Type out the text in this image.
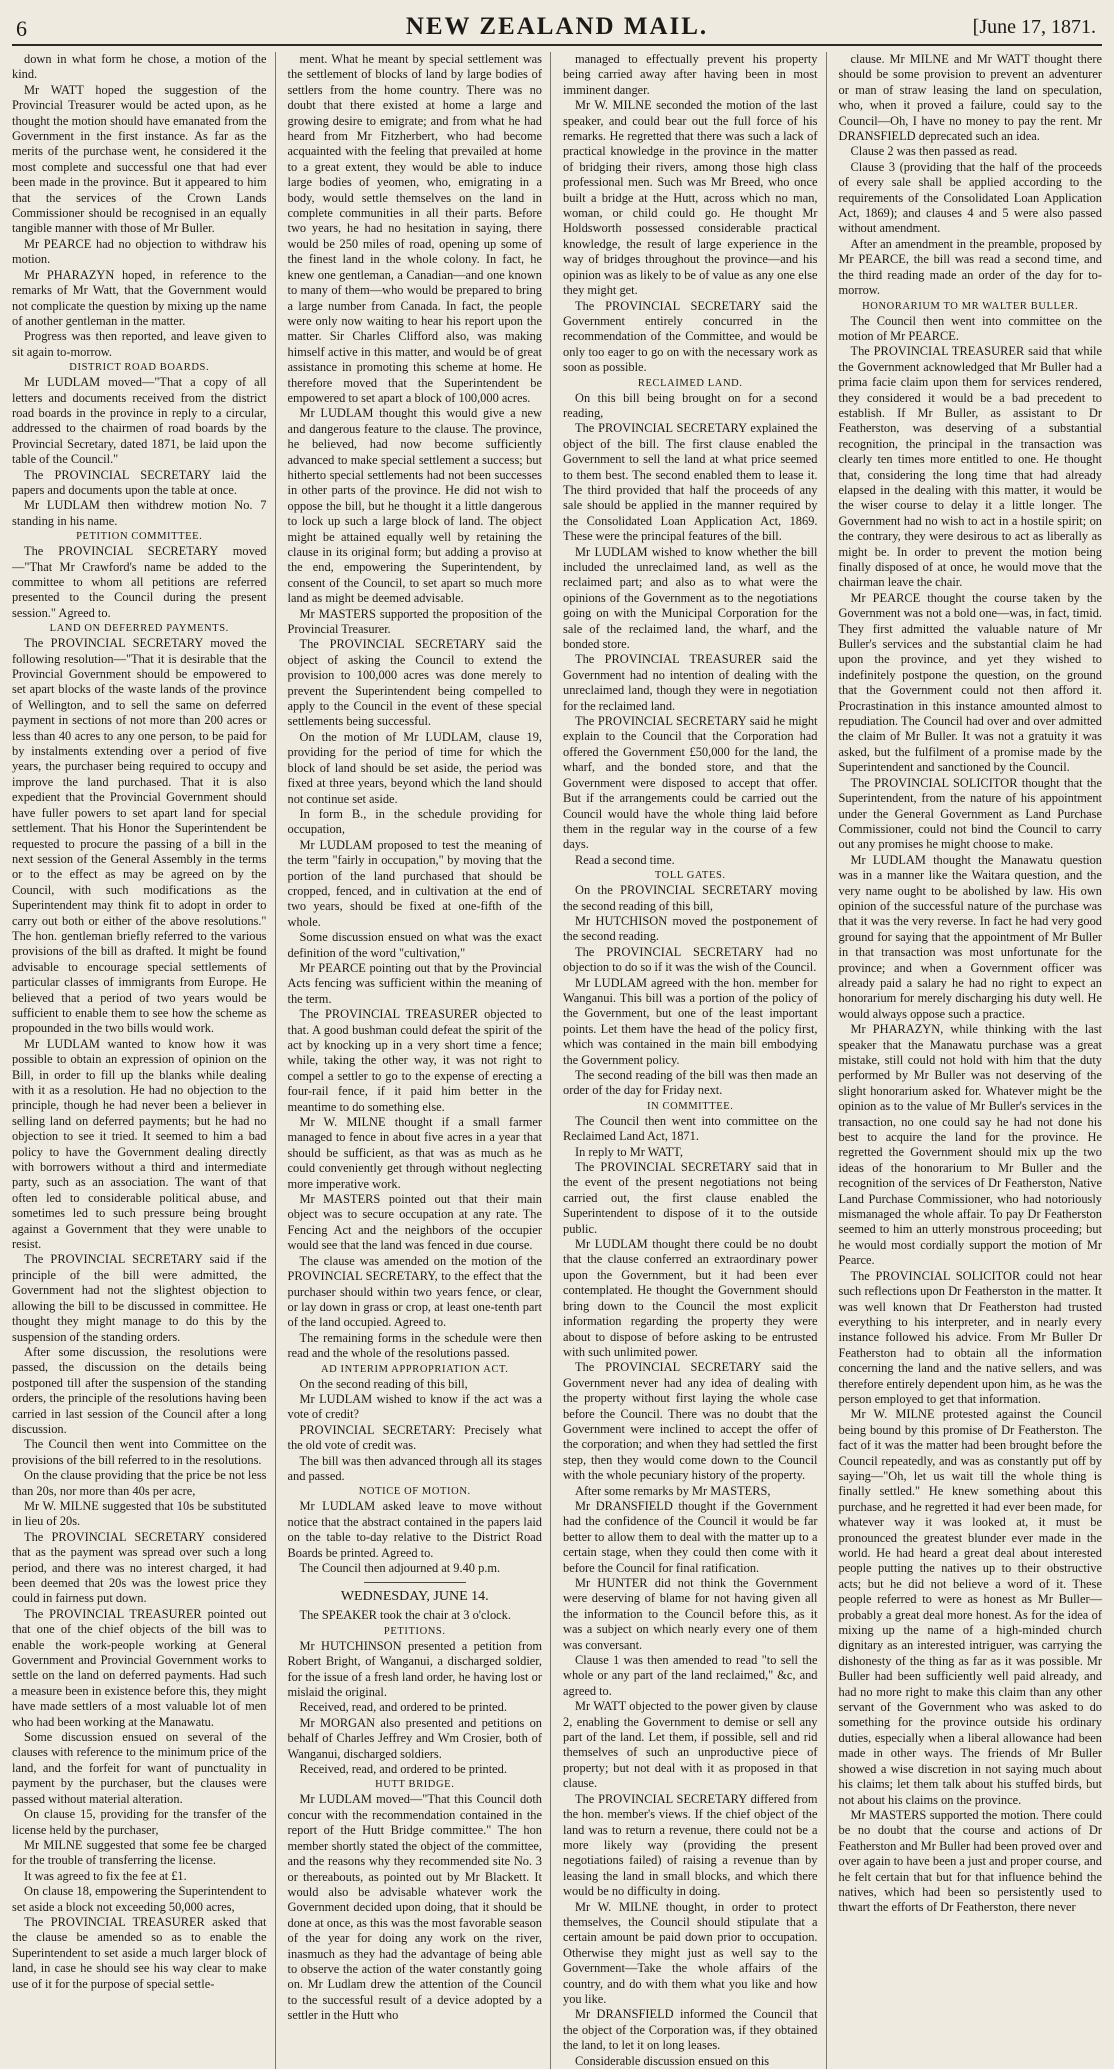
6	NEW ZEALAND MAIL.	[June 17, 1871.

down in what form he chose, a motion of the kind.

Mr WATT hoped the suggestion of the Provincial Treasurer would be acted upon, as he thought the motion should have emanated from the Government in the first instance. As far as the merits of the purchase went, he considered it the most complete and successful one that had ever been made in the province. But it appeared to him that the services of the Crown Lands Commissioner should be recognised in an equally tangible manner with those of Mr Buller.

Mr PEARCE had no objection to withdraw his motion.

Mr PHARAZYN hoped, in reference to the remarks of Mr Watt, that the Government would not complicate the question by mixing up the name of another gentleman in the matter.

Progress was then reported, and leave given to sit again to-morrow.

DISTRICT ROAD BOARDS.

Mr LUDLAM moved—"That a copy of all letters and documents received from the district road boards in the province in reply to a circular, addressed to the chairmen of road boards by the Provincial Secretary, dated 1871, be laid upon the table of the Council."

The PROVINCIAL SECRETARY laid the papers and documents upon the table at once.

Mr LUDLAM then withdrew motion No. 7 standing in his name.

PETITION COMMITTEE.

The PROVINCIAL SECRETARY moved —"That Mr Crawford's name be added to the committee to whom all petitions are referred presented to the Council during the present session." Agreed to.

LAND ON DEFERRED PAYMENTS.

The PROVINCIAL SECRETARY moved the following resolution—"That it is desirable that the Provincial Government should be empowered to set apart blocks of the waste lands of the province of Wellington, and to sell the same on deferred payment in sections of not more than 200 acres or less than 40 acres to any one person, to be paid for by instalments extending over a period of five years, the purchaser being required to occupy and improve the land purchased. That it is also expedient that the Provincial Government should have fuller powers to set apart land for special settlement. That his Honor the Superintendent be requested to procure the passing of a bill in the next session of the General Assembly in the terms or to the effect as may be agreed on by the Council, with such modifications as the Superintendent may think fit to adopt in order to carry out both or either of the above resolutions." The hon. gentleman briefly referred to the various provisions of the bill as drafted. It might be found advisable to encourage special settlements of particular classes of immigrants from Europe. He believed that a period of two years would be sufficient to enable them to see how the scheme as propounded in the two bills would work.

Mr LUDLAM wanted to know how it was possible to obtain an expression of opinion on the Bill, in order to fill up the blanks while dealing with it as a resolution. He had no objection to the principle, though he had never been a believer in selling land on deferred payments; but he had no objection to see it tried. It seemed to him a bad policy to have the Government dealing directly with borrowers without a third and intermediate party, such as an association. The want of that often led to considerable political abuse, and sometimes led to such pressure being brought against a Government that they were unable to resist.

The PROVINCIAL SECRETARY said if the principle of the bill were admitted, the Government had not the slightest objection to allowing the bill to be discussed in committee. He thought they might manage to do this by the suspension of the standing orders.

After some discussion, the resolutions were passed, the discussion on the details being postponed till after the suspension of the standing orders, the principle of the resolutions having been carried in last session of the Council after a long discussion.

The Council then went into Committee on the provisions of the bill referred to in the resolutions.

On the clause providing that the price be not less than 20s, nor more than 40s per acre,

Mr W. MILNE suggested that 10s be substituted in lieu of 20s.

The PROVINCIAL SECRETARY considered that as the payment was spread over such a long period, and there was no interest charged, it had been deemed that 20s was the lowest price they could in fairness put down.

The PROVINCIAL TREASURER pointed out that one of the chief objects of the bill was to enable the work-people working at General Government and Provincial Government works to settle on the land on deferred payments. Had such a measure been in existence before this, they might have made settlers of a most valuable lot of men who had been working at the Manawatu.

Some discussion ensued on several of the clauses with reference to the minimum price of the land, and the forfeit for want of punctuality in payment by the purchaser, but the clauses were passed without material alteration.

On clause 15, providing for the transfer of the license held by the purchaser,

Mr MILNE suggested that some fee be charged for the trouble of transferring the license.

It was agreed to fix the fee at £1.

On clause 18, empowering the Superintendent to set aside a block not exceeding 50,000 acres,

The PROVINCIAL TREASURER asked that the clause be amended so as to enable the Superintendent to set aside a much larger block of land, in case he should see his way clear to make use of it for the purpose of special settle-

ment. What he meant by special settlement was the settlement of blocks of land by large bodies of settlers from the home country. There was no doubt that there existed at home a large and growing desire to emigrate; and from what he had heard from Mr Fitzherbert, who had become acquainted with the feeling that prevailed at home to a great extent, they would be able to induce large bodies of yeomen, who, emigrating in a body, would settle themselves on the land in complete communities in all their parts. Before two years, he had no hesitation in saying, there would be 250 miles of road, opening up some of the finest land in the whole colony. In fact, he knew one gentleman, a Canadian—and one known to many of them—who would be prepared to bring a large number from Canada. In fact, the people were only now waiting to hear his report upon the matter. Sir Charles Clifford also, was making himself active in this matter, and would be of great assistance in promoting this scheme at home. He therefore moved that the Superintendent be empowered to set apart a block of 100,000 acres.

Mr LUDLAM thought this would give a new and dangerous feature to the clause. The province, he believed, had now become sufficiently advanced to make special settlement a success; but hitherto special settlements had not been successes in other parts of the province. He did not wish to oppose the bill, but he thought it a little dangerous to lock up such a large block of land. The object might be attained equally well by retaining the clause in its original form; but adding a proviso at the end, empowering the Superintendent, by consent of the Council, to set apart so much more land as might be deemed advisable.

Mr MASTERS supported the proposition of the Provincial Treasurer.

The PROVINCIAL SECRETARY said the object of asking the Council to extend the provision to 100,000 acres was done merely to prevent the Superintendent being compelled to apply to the Council in the event of these special settlements being successful.

On the motion of Mr LUDLAM, clause 19, providing for the period of time for which the block of land should be set aside, the period was fixed at three years, beyond which the land should not continue set aside.

In form B., in the schedule providing for occupation,

Mr LUDLAM proposed to test the meaning of the term "fairly in occupation," by moving that the portion of the land purchased that should be cropped, fenced, and in cultivation at the end of two years, should be fixed at one-fifth of the whole.

Some discussion ensued on what was the exact definition of the word "cultivation,"

Mr PEARCE pointing out that by the Provincial Acts fencing was sufficient within the meaning of the term.

The PROVINCIAL TREASURER objected to that. A good bushman could defeat the spirit of the act by knocking up in a very short time a fence; while, taking the other way, it was not right to compel a settler to go to the expense of erecting a four-rail fence, if it paid him better in the meantime to do something else.

Mr W. MILNE thought if a small farmer managed to fence in about five acres in a year that should be sufficient, as that was as much as he could conveniently get through without neglecting more imperative work.

Mr MASTERS pointed out that their main object was to secure occupation at any rate. The Fencing Act and the neighbors of the occupier would see that the land was fenced in due course.

The clause was amended on the motion of the PROVINCIAL SECRETARY, to the effect that the purchaser should within two years fence, or clear, or lay down in grass or crop, at least one-tenth part of the land occupied. Agreed to.

The remaining forms in the schedule were then read and the whole of the resolutions passed.

AD INTERIM APPROPRIATION ACT.

On the second reading of this bill,

Mr LUDLAM wished to know if the act was a vote of credit?

PROVINCIAL SECRETARY: Precisely what the old vote of credit was.

The bill was then advanced through all its stages and passed.

NOTICE OF MOTION.

Mr LUDLAM asked leave to move without notice that the abstract contained in the papers laid on the table to-day relative to the District Road Boards be printed. Agreed to.

The Council then adjourned at 9.40 p.m.

WEDNESDAY, JUNE 14.

The SPEAKER took the chair at 3 o'clock.

PETITIONS.

Mr HUTCHINSON presented a petition from Robert Bright, of Wanganui, a discharged soldier, for the issue of a fresh land order, he having lost or mislaid the original.

Received, read, and ordered to be printed.

Mr MORGAN also presented and petitions on behalf of Charles Jeffrey and Wm Crosier, both of Wanganui, discharged soldiers.

Received, read, and ordered to be printed.

HUTT BRIDGE.

Mr LUDLAM moved—"That this Council doth concur with the recommendation contained in the report of the Hutt Bridge committee." The hon member shortly stated the object of the committee, and the reasons why they recommended site No. 3 or thereabouts, as pointed out by Mr Blackett. It would also be advisable whatever work the Government decided upon doing, that it should be done at once, as this was the most favorable season of the year for doing any work on the river, inasmuch as they had the advantage of being able to observe the action of the water constantly going on. Mr Ludlam drew the attention of the Council to the successful result of a device adopted by a settler in the Hutt who

managed to effectually prevent his property being carried away after having been in most imminent danger.

Mr W. MILNE seconded the motion of the last speaker, and could bear out the full force of his remarks. He regretted that there was such a lack of practical knowledge in the province in the matter of bridging their rivers, among those high class professional men. Such was Mr Breed, who once built a bridge at the Hutt, across which no man, woman, or child could go. He thought Mr Holdsworth possessed considerable practical knowledge, the result of large experience in the way of bridges throughout the province—and his opinion was as likely to be of value as any one else they might get.

The PROVINCIAL SECRETARY said the Government entirely concurred in the recommendation of the Committee, and would be only too eager to go on with the necessary work as soon as possible.

RECLAIMED LAND.

On this bill being brought on for a second reading,

The PROVINCIAL SECRETARY explained the object of the bill. The first clause enabled the Government to sell the land at what price seemed to them best. The second enabled them to lease it. The third provided that half the proceeds of any sale should be applied in the manner required by the Consolidated Loan Application Act, 1869. These were the principal features of the bill.

Mr LUDLAM wished to know whether the bill included the unreclaimed land, as well as the reclaimed part; and also as to what were the opinions of the Government as to the negotiations going on with the Municipal Corporation for the sale of the reclaimed land, the wharf, and the bonded store.

The PROVINCIAL TREASURER said the Government had no intention of dealing with the unreclaimed land, though they were in negotiation for the reclaimed land.

The PROVINCIAL SECRETARY said he might explain to the Council that the Corporation had offered the Government £50,000 for the land, the wharf, and the bonded store, and that the Government were disposed to accept that offer. But if the arrangements could be carried out the Council would have the whole thing laid before them in the regular way in the course of a few days.

Read a second time.

TOLL GATES.

On the PROVINCIAL SECRETARY moving the second reading of this bill,

Mr HUTCHISON moved the postponement of the second reading.

The PROVINCIAL SECRETARY had no objection to do so if it was the wish of the Council.

Mr LUDLAM agreed with the hon. member for Wanganui. This bill was a portion of the policy of the Government, but one of the least important points. Let them have the head of the policy first, which was contained in the main bill embodying the Government policy.

The second reading of the bill was then made an order of the day for Friday next.

IN COMMITTEE.

The Council then went into committee on the Reclaimed Land Act, 1871.

In reply to Mr WATT,

The PROVINCIAL SECRETARY said that in the event of the present negotiations not being carried out, the first clause enabled the Superintendent to dispose of it to the outside public.

Mr LUDLAM thought there could be no doubt that the clause conferred an extraordinary power upon the Government, but it had been ever contemplated. He thought the Government should bring down to the Council the most explicit information regarding the property they were about to dispose of before asking to be entrusted with such unlimited power.

The PROVINCIAL SECRETARY said the Government never had any idea of dealing with the property without first laying the whole case before the Council. There was no doubt that the Government were inclined to accept the offer of the corporation; and when they had settled the first step, then they would come down to the Council with the whole pecuniary history of the property.

After some remarks by Mr MASTERS,

Mr DRANSFIELD thought if the Government had the confidence of the Council it would be far better to allow them to deal with the matter up to a certain stage, when they could then come with it before the Council for final ratification.

Mr HUNTER did not think the Government were deserving of blame for not having given all the information to the Council before this, as it was a subject on which nearly every one of them was conversant.

Clause 1 was then amended to read "to sell the whole or any part of the land reclaimed," &c, and agreed to.

Mr WATT objected to the power given by clause 2, enabling the Government to demise or sell any part of the land. Let them, if possible, sell and rid themselves of such an unproductive piece of property; but not deal with it as proposed in that clause.

The PROVINCIAL SECRETARY differed from the hon. member's views. If the chief object of the land was to return a revenue, there could not be a more likely way (providing the present negotiations failed) of raising a revenue than by leasing the land in small blocks, and which there would be no difficulty in doing.

Mr W. MILNE thought, in order to protect themselves, the Council should stipulate that a certain amount be paid down prior to occupation. Otherwise they might just as well say to the Government—Take the whole affairs of the country, and do with them what you like and how you like.

Mr DRANSFIELD informed the Council that the object of the Corporation was, if they obtained the land, to let it on long leases.

Considerable discussion ensued on this

clause. Mr MILNE and Mr WATT thought there should be some provision to prevent an adventurer or man of straw leasing the land on speculation, who, when it proved a failure, could say to the Council—Oh, I have no money to pay the rent. Mr DRANSFIELD deprecated such an idea.

Clause 2 was then passed as read.

Clause 3 (providing that the half of the proceeds of every sale shall be applied according to the requirements of the Consolidated Loan Application Act, 1869); and clauses 4 and 5 were also passed without amendment.

After an amendment in the preamble, proposed by Mr PEARCE, the bill was read a second time, and the third reading made an order of the day for to-morrow.

HONORARIUM TO MR WALTER BULLER.

The Council then went into committee on the motion of Mr PEARCE.

The PROVINCIAL TREASURER said that while the Government acknowledged that Mr Buller had a prima facie claim upon them for services rendered, they considered it would be a bad precedent to establish. If Mr Buller, as assistant to Dr Featherston, was deserving of a substantial recognition, the principal in the transaction was clearly ten times more entitled to one. He thought that, considering the long time that had already elapsed in the dealing with this matter, it would be the wiser course to delay it a little longer. The Government had no wish to act in a hostile spirit; on the contrary, they were desirous to act as liberally as might be. In order to prevent the motion being finally disposed of at once, he would move that the chairman leave the chair.

Mr PEARCE thought the course taken by the Government was not a bold one—was, in fact, timid. They first admitted the valuable nature of Mr Buller's services and the substantial claim he had upon the province, and yet they wished to indefinitely postpone the question, on the ground that the Government could not then afford it. Procrastination in this instance amounted almost to repudiation. The Council had over and over admitted the claim of Mr Buller. It was not a gratuity it was asked, but the fulfilment of a promise made by the Superintendent and sanctioned by the Council.

The PROVINCIAL SOLICITOR thought that the Superintendent, from the nature of his appointment under the General Government as Land Purchase Commissioner, could not bind the Council to carry out any promises he might choose to make.

Mr LUDLAM thought the Manawatu question was in a manner like the Waitara question, and the very name ought to be abolished by law. His own opinion of the successful nature of the purchase was that it was the very reverse. In fact he had very good ground for saying that the appointment of Mr Buller in that transaction was most unfortunate for the province; and when a Government officer was already paid a salary he had no right to expect an honorarium for merely discharging his duty well. He would always oppose such a practice.

Mr PHARAZYN, while thinking with the last speaker that the Manawatu purchase was a great mistake, still could not hold with him that the duty performed by Mr Buller was not deserving of the slight honorarium asked for. Whatever might be the opinion as to the value of Mr Buller's services in the transaction, no one could say he had not done his best to acquire the land for the province. He regretted the Government should mix up the two ideas of the honorarium to Mr Buller and the recognition of the services of Dr Featherston, Native Land Purchase Commissioner, who had notoriously mismanaged the whole affair. To pay Dr Featherston seemed to him an utterly monstrous proceeding; but he would most cordially support the motion of Mr Pearce.

The PROVINCIAL SOLICITOR could not hear such reflections upon Dr Featherston in the matter. It was well known that Dr Featherston had trusted everything to his interpreter, and in nearly every instance followed his advice. From Mr Buller Dr Featherston had to obtain all the information concerning the land and the native sellers, and was therefore entirely dependent upon him, as he was the person employed to get that information.

Mr W. MILNE protested against the Council being bound by this promise of Dr Featherston. The fact of it was the matter had been brought before the Council repeatedly, and was as constantly put off by saying—"Oh, let us wait till the whole thing is finally settled." He knew something about this purchase, and he regretted it had ever been made, for whatever way it was looked at, it must be pronounced the greatest blunder ever made in the world. He had heard a great deal about interested people putting the natives up to their obstructive acts; but he did not believe a word of it. These people referred to were as honest as Mr Buller—probably a great deal more honest. As for the idea of mixing up the name of a high-minded church dignitary as an interested intriguer, was carrying the dishonesty of the thing as far as it was possible. Mr Buller had been sufficiently well paid already, and had no more right to make this claim than any other servant of the Government who was asked to do something for the province outside his ordinary duties, especially when a liberal allowance had been made in other ways. The friends of Mr Buller showed a wise discretion in not saying much about his claims; let them talk about his stuffed birds, but not about his claims on the province.

Mr MASTERS supported the motion. There could be no doubt that the course and actions of Dr Featherston and Mr Buller had been proved over and over again to have been a just and proper course, and he felt certain that but for that influence behind the natives, which had been so persistently used to thwart the efforts of Dr Featherston, there never
